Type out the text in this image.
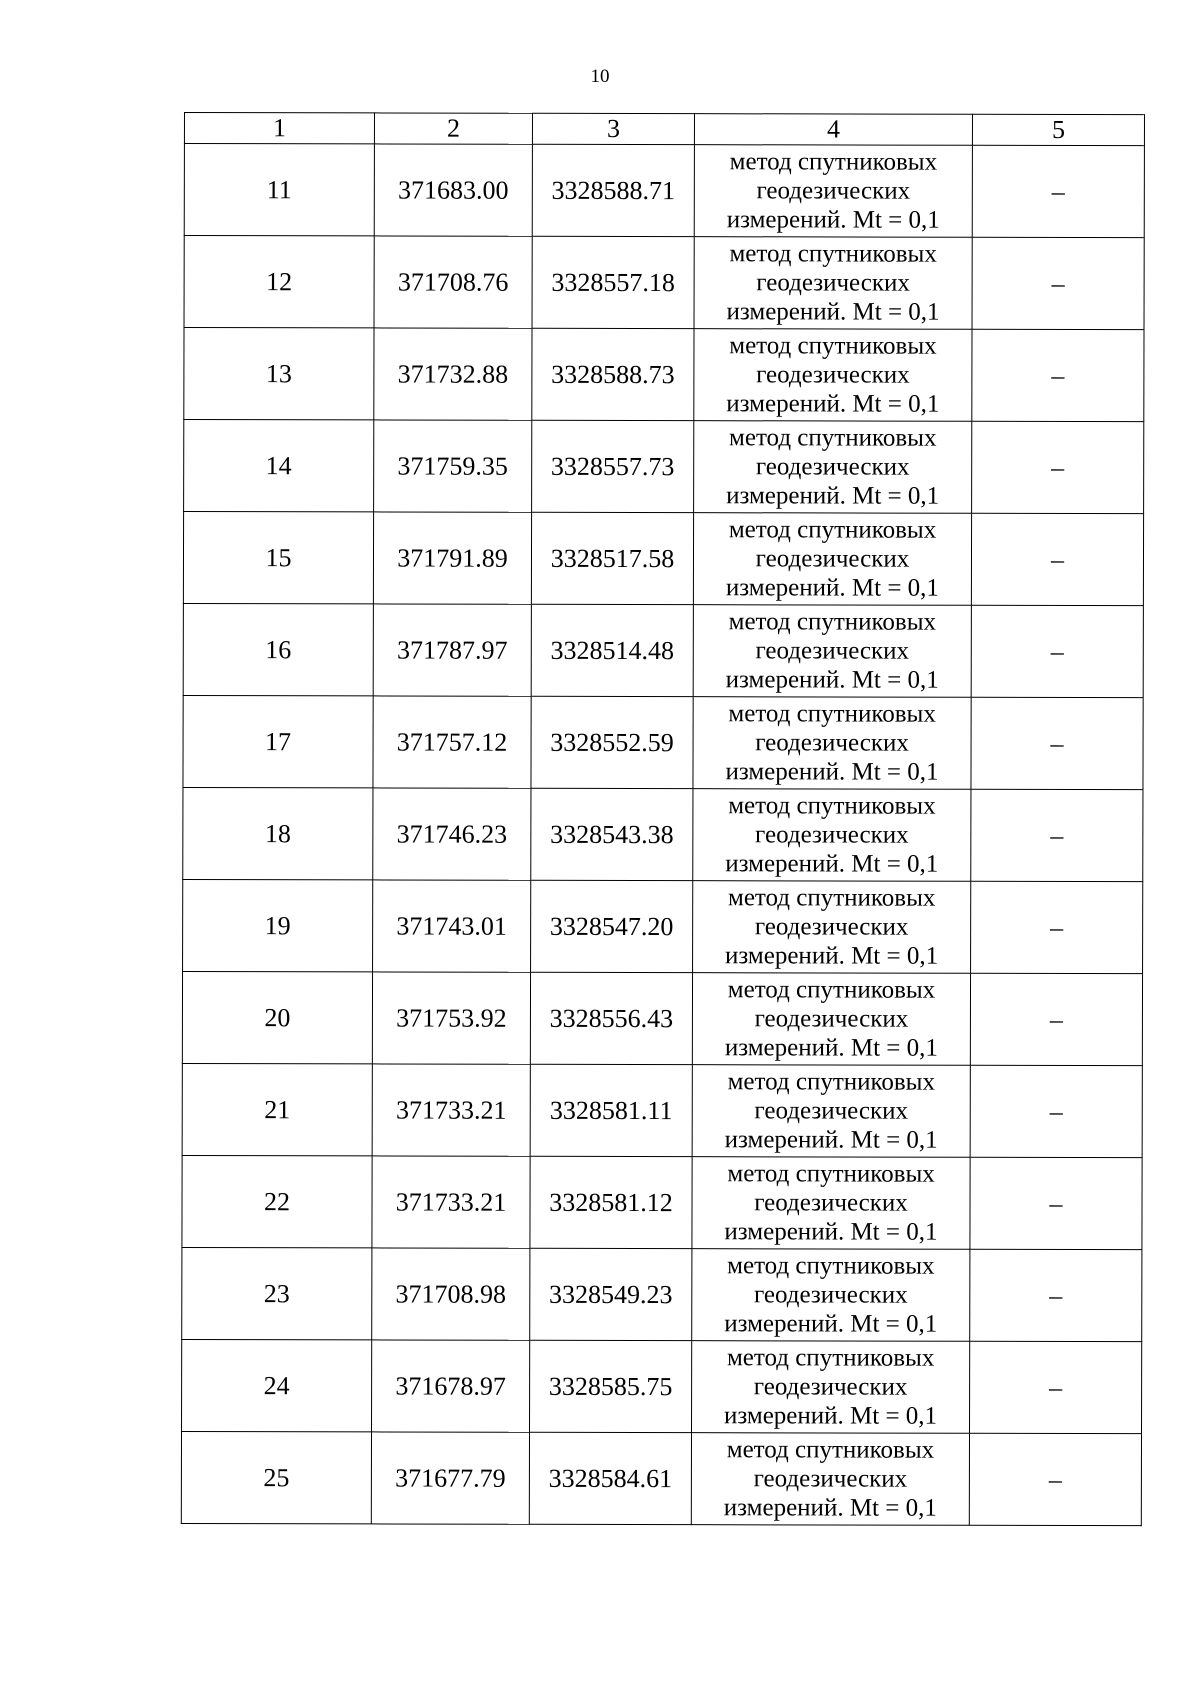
10
1	2	3	4	5
11	371683.00	3328588.71	метод спутниковых
геодезических
измерений. Mt = 0,1	–
12	371708.76	3328557.18	метод спутниковых
геодезических
измерений. Mt = 0,1	–
13	371732.88	3328588.73	метод спутниковых
геодезических
измерений. Mt = 0,1	–
14	371759.35	3328557.73	метод спутниковых
геодезических
измерений. Mt = 0,1	–
15	371791.89	3328517.58	метод спутниковых
геодезических
измерений. Mt = 0,1	–
16	371787.97	3328514.48	метод спутниковых
геодезических
измерений. Mt = 0,1	–
17	371757.12	3328552.59	метод спутниковых
геодезических
измерений. Mt = 0,1	–
18	371746.23	3328543.38	метод спутниковых
геодезических
измерений. Mt = 0,1	–
19	371743.01	3328547.20	метод спутниковых
геодезических
измерений. Mt = 0,1	–
20	371753.92	3328556.43	метод спутниковых
геодезических
измерений. Mt = 0,1	–
21	371733.21	3328581.11	метод спутниковых
геодезических
измерений. Mt = 0,1	–
22	371733.21	3328581.12	метод спутниковых
геодезических
измерений. Mt = 0,1	–
23	371708.98	3328549.23	метод спутниковых
геодезических
измерений. Mt = 0,1	–
24	371678.97	3328585.75	метод спутниковых
геодезических
измерений. Mt = 0,1	–
25	371677.79	3328584.61	метод спутниковых
геодезических
измерений. Mt = 0,1	–
